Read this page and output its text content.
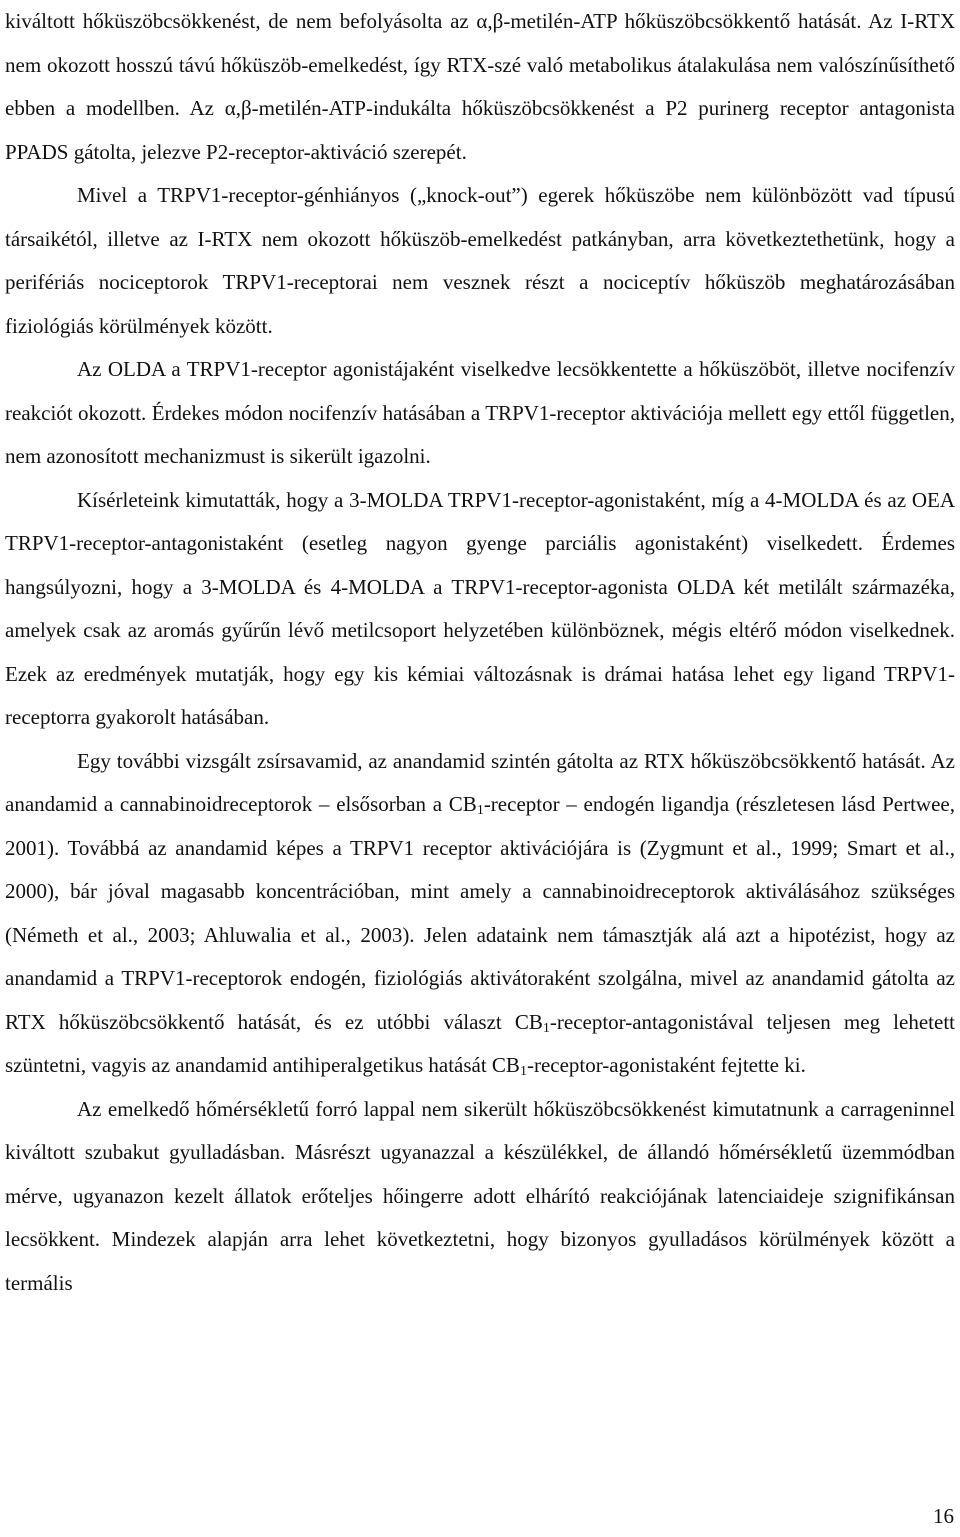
kiváltott hőküszöbcsökkenést, de nem befolyásolta az α,β-metilén-ATP hőküszöbcsökkentő hatását. Az I-RTX nem okozott hosszú távú hőküszöb-emelkedést, így RTX-szé való metabolikus átalakulása nem valószínűsíthető ebben a modellben. Az α,β-metilén-ATP-indukálta hőküszöbcsökkenést a P2 purinerg receptor antagonista PPADS gátolta, jelezve P2-receptor-aktiváció szerepét.

Mivel a TRPV1-receptor-génhiányos („knock-out”) egerek hőküszöbe nem különbözött vad típusú társaikétól, illetve az I-RTX nem okozott hőküszöb-emelkedést patkányban, arra következtethetünk, hogy a perifériás nociceptorok TRPV1-receptorai nem vesznek részt a nociceptív hőküszöb meghatározásában fiziológiás körülmények között.

Az OLDA a TRPV1-receptor agonistájaként viselkedve lecsökkentette a hőküszöböt, illetve nocifenzív reakciót okozott. Érdekes módon nocifenzív hatásában a TRPV1-receptor aktivációja mellett egy ettől független, nem azonosított mechanizmust is sikerült igazolni.

Kísérleteink kimutatták, hogy a 3-MOLDA TRPV1-receptor-agonistaként, míg a 4-MOLDA és az OEA TRPV1-receptor-antagonistaként (esetleg nagyon gyenge parciális agonistaként) viselkedett. Érdemes hangsúlyozni, hogy a 3-MOLDA és 4-MOLDA a TRPV1-receptor-agonista OLDA két metilált származéka, amelyek csak az aromás gyűrűn lévő metilcsoport helyzetében különböznek, mégis eltérő módon viselkednek. Ezek az eredmények mutatják, hogy egy kis kémiai változásnak is drámai hatása lehet egy ligand TRPV1-receptorra gyakorolt hatásában.

Egy további vizsgált zsírsavamid, az anandamid szintén gátolta az RTX hőküszöbcsökkentő hatását. Az anandamid a cannabinoidreceptorok – elsősorban a $CB_1$-receptor – endogén ligandja (részletesen lásd Pertwee, 2001). Továbbá az anandamid képes a TRPV1 receptor aktivációjára is (Zygmunt et al., 1999; Smart et al., 2000), bár jóval magasabb koncentrációban, mint amely a cannabinoidreceptorok aktiválásához szükséges (Németh et al., 2003; Ahluwalia et al., 2003). Jelen adataink nem támasztják alá azt a hipotézist, hogy az anandamid a TRPV1-receptorok endogén, fiziológiás aktivátoraként szolgálna, mivel az anandamid gátolta az RTX hőküszöbcsökkentő hatását, és ez utóbbi választ $CB_1-receptor$-antagonistával teljesen meg lehetett szüntetni, vagyis az anandamid antihiperalgetikus hatását $CB_1-receptor$-agonistaként fejtette ki.

Az emelkedő hőmérsékletű forró lappal nem sikerült hőküszöbcsökkenést kimutatnunk a carrageninnel kiváltott szubakut gyulladásban. Másrészt ugyanazzal a készülékkel, de állandó hőmérsékletű üzemmódban mérve, ugyanazon kezelt állatok erőteljes hőingerre adott elhárító reakciójának latenciaideje szignifikánsan lecsökkent. Mindezek alapján arra lehet következtetni, hogy bizonyos gyulladásos körülmények között a termális

16
